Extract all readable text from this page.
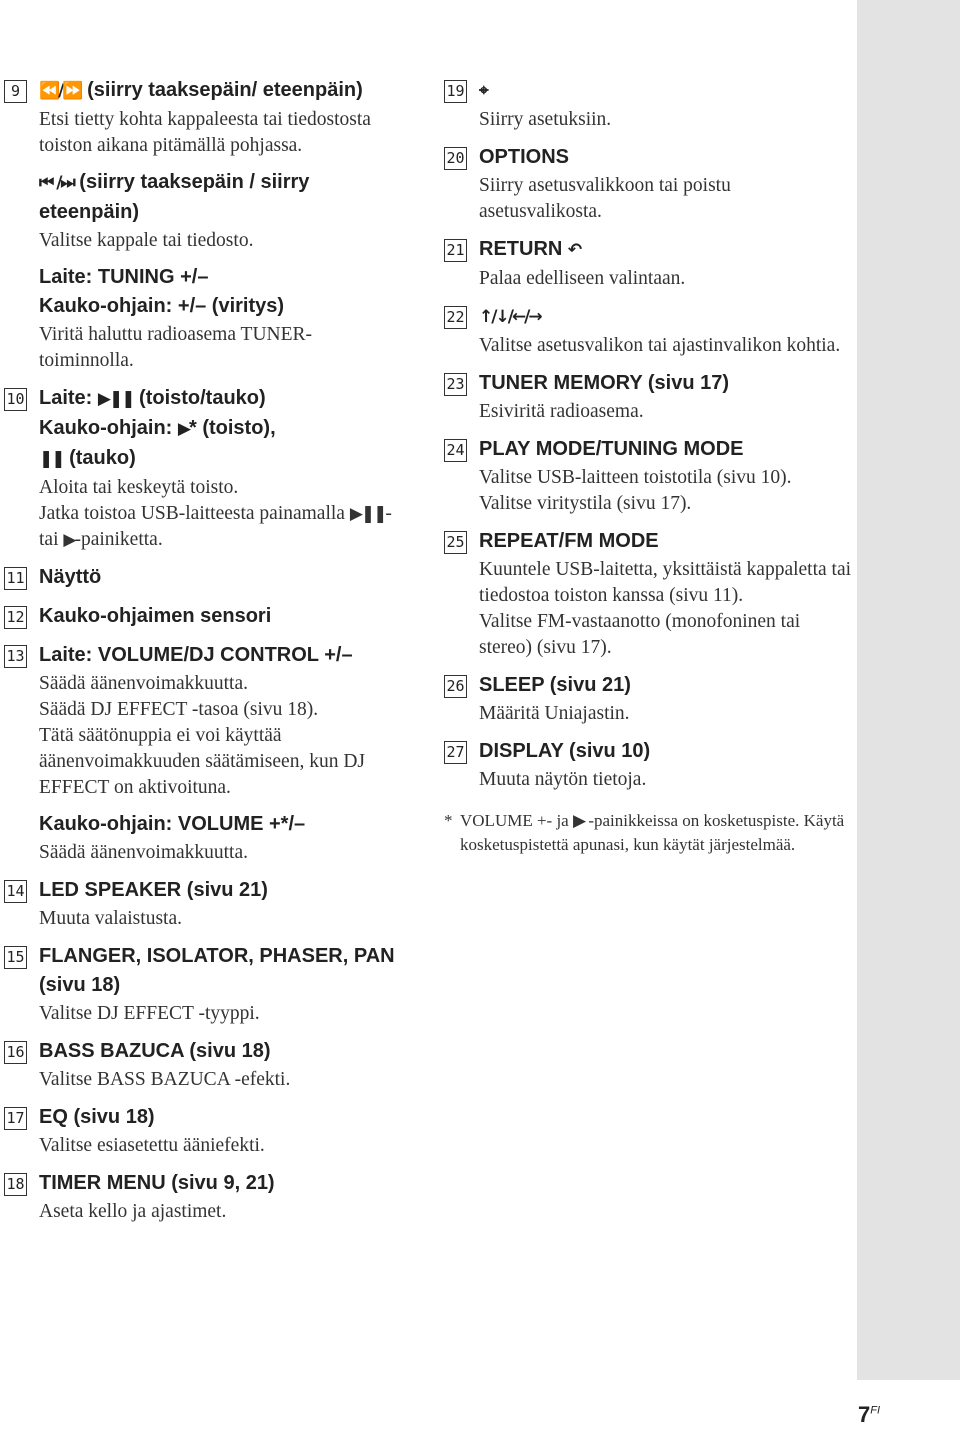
9	⏪/⏩ (siirry taaksepäin/ eteenpäin)

Etsi tietty kohta kappaleesta tai tiedostosta toiston aikana pitämällä pohjassa.

⏮ /⏭ (siirry taaksepäin / siirry eteenpäin)

Valitse kappale tai tiedosto.

Laite: TUNING +/–
Kauko-ohjain: +/– (viritys)

Viritä haluttu radioasema TUNER-toiminnolla.

10 Laite: ▶❚❚ (toisto/tauko)

Kauko-ohjain: ▶* (toisto),

❚❚ (tauko)

Aloita tai keskeytä toisto.

Jatka toistoa USB-laitteesta painamalla ▶❚❚- tai ▶-painiketta.

11 Näyttö

12 Kauko-ohjaimen sensori

13 Laite: VOLUME/DJ CONTROL +/–

Säädä äänenvoimakkuutta.

Säädä DJ EFFECT -tasoa (sivu 18).

Tätä säätönuppia ei voi käyttää äänenvoimakkuuden säätämiseen, kun DJ EFFECT on aktivoituna.

Kauko-ohjain: VOLUME +*/–

Säädä äänenvoimakkuutta.

14 LED SPEAKER (sivu 21)

Muuta valaistusta.

15 FLANGER, ISOLATOR, PHASER, PAN (sivu 18)

Valitse DJ EFFECT -tyyppi.

16 BASS BAZUCA (sivu 18)

Valitse BASS BAZUCA -efekti.

17 EQ (sivu 18)

Valitse esiasetettu ääniefekti.

18 TIMER MENU (sivu 9, 21)

Aseta kello ja ajastimet.

19 ⌖

Siirry asetuksiin.

20 OPTIONS

Siirry asetusvalikkoon tai poistu asetusvalikosta.

21 RETURN ↶

Palaa edelliseen valintaan.

22 ↑/↓/←/→

Valitse asetusvalikon tai ajastinvalikon kohtia.

23 TUNER MEMORY (sivu 17)

Esiviritä radioasema.

24 PLAY MODE/TUNING MODE

Valitse USB-laitteen toistotila (sivu 10).

Valitse viritystila (sivu 17).

25 REPEAT/FM MODE

Kuuntele USB-laitetta, yksittäistä kappaletta tai tiedostoa toiston kanssa (sivu 11).

Valitse FM-vastaanotto (monofoninen tai stereo) (sivu 17).

26 SLEEP (sivu 21)

Määritä Uniajastin.

27 DISPLAY (sivu 10)

Muuta näytön tietoja.

* VOLUME +- ja ▶ -painikkeissa on kosketuspiste. Käytä kosketuspistettä apunasi, kun käytät järjestelmää.
$7^{FI}$
